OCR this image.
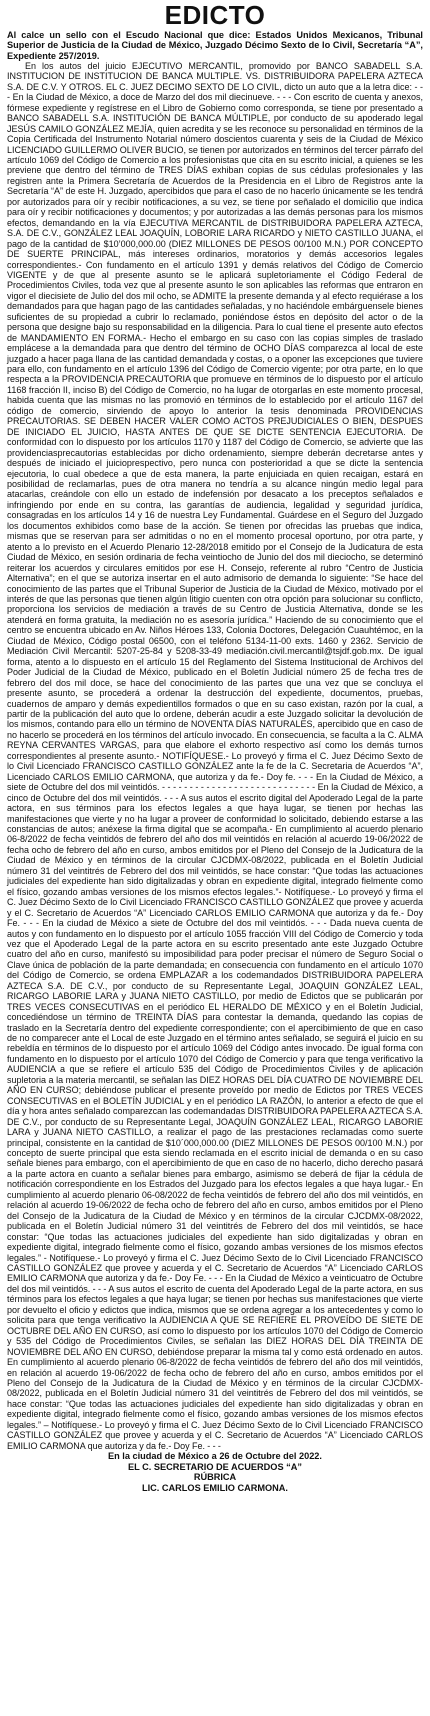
EDICTO

Al calce un sello con el Escudo Nacional que dice: Estados Unidos Mexicanos, Tribunal Superior de Justicia de la Ciudad de México, Juzgado Décimo Sexto de lo Civil, Secretaría “A”, Expediente 257/2019.

En los autos del juicio EJECUTIVO MERCANTIL, promovido por BANCO SABADELL S.A. INSTITUCION DE INSTITUCION DE BANCA MULTIPLE. VS. DISTRIBUIDORA PAPELERA AZTECA S.A. DE C.V. Y OTROS. EL C. JUEZ DECIMO SEXTO DE LO CIVIL, dicto un auto que a la letra dice: - - - En la Ciudad de México, a doce de Marzo del dos mil diecinueve. - - - Con escrito de cuenta y anexos, fórmese expediente y regístrese en el Libro de Gobierno como corresponda, se tiene por presentado a BANCO SABADELL S.A. INSTITUCIÓN DE BANCA MÚLTIPLE, por conducto de su apoderado legal JESÚS CAMILO GONZÁLEZ MEJÍA, quien acredita y se les reconoce su personalidad en términos de la Copia Certificada del Instrumento Notarial número doscientos cuarenta y seis de la Ciudad de México LICENCIADO GUILLERMO OLIVER BUCIO, se tienen por autorizados en términos del tercer párrafo del artículo 1069 del Código de Comercio a los profesionistas que cita en su escrito inicial, a quienes se les previene que dentro del término de TRES DÍAS exhiban copias de sus cédulas profesionales y las registren ante la Primera Secretaría de Acuerdos de la Presidencia en el Libro de Registros ante la Secretaría “A” de este H. Juzgado, apercibidos que para el caso de no hacerlo únicamente se les tendrá por autorizados para oír y recibir notificaciones, a su vez, se tiene por señalado el domicilio que indica para oír y recibir notificaciones y documentos; y por autorizadas a las demás personas para los mismos efectos, demandando en la vía EJECUTIVA MERCANTIL de DISTRIBUIDORA PAPELERA AZTECA, S.A. DE C.V., GONZÁLEZ LEAL JOAQUÍN, LOBORIE LARA RICARDO y NIETO CASTILLO JUANA, el pago de la cantidad de $10’000,000.00 (DIEZ MILLONES DE PESOS 00/100 M.N.) POR CONCEPTO DE SUERTE PRINCIPAL, más intereses ordinarios, moratorios y demás accesorios legales correspondientes.- Con fundamento en el artículo 1391 y demás relativos del Código de Comercio VIGENTE y de que al presente asunto se le aplicará supletoriamente el Código Federal de Procedimientos Civiles, toda vez que al presente asunto le son aplicables las reformas que entraron en vigor el diecisiete de Julio del dos mil ocho, se ADMITE la presente demanda y al efecto requiérase a los demandados para que hagan pago de las cantidades señaladas, y no haciéndole embárguensele bienes suficientes de su propiedad a cubrir lo reclamado, poniéndose éstos en depósito del actor o de la persona que designe bajo su responsabilidad en la diligencia. Para lo cual tiene el presente auto efectos de MANDAMIENTO EN FORMA.- Hecho el embargo en su caso con las copias simples de traslado emplácese a la demandada para que dentro del término de OCHO DÍAS comparezca al local de este juzgado a hacer paga llana de las cantidad demandada y costas, o a oponer las excepciones que tuviere para ello, con fundamento en el artículo 1396 del Código de Comercio vigente; por otra parte, en lo que respecta a la PROVIDENCIA PRECAUTORIA que promueve en términos de lo dispuesto por el artículo 1168 fracción II, inciso B) del Código de Comercio, no ha lugar de otorgarlas en este momento procesal, habida cuenta que las mismas no las promovió en términos de lo establecido por el artículo 1167 del código de comercio, sirviendo de apoyo lo anterior la tesis denominada PROVIDENCIAS PRECAUTORIAS. SE DEBEN HACER VALER COMO ACTOS PREJUDICIALES O BIEN, DESPUES DE INICIADO EL JUICIO, HASTA ANTES DE QUE SE DICTE SENTENCIA EJECUTORIA. De conformidad con lo dispuesto por los artículos 1170 y 1187 del Código de Comercio, se advierte que las providenciasprecautorias establecidas por dicho ordenamiento, siempre deberán decretarse antes y después de iniciado el juicioprespectivo, pero nunca con posterioridad a que se dicte la sentencia ejecutoria, lo cual obedece a que de esta manera, la parte enjuiciada en quien recaigan, estará en posibilidad de reclamarlas, pues de otra manera no tendría a su alcance ningún medio legal para atacarlas, creándole con ello un estado de indefensión por desacato a los preceptos señalados e infringiendo por ende en su contra, las garantías de audiencia, legalidad y seguridad jurídica, consagradas en los artículos 14 y 16 de nuestra Ley Fundamental. Guárdese en el Seguro del Juzgado los documentos exhibidos como base de la acción. Se tienen por ofrecidas las pruebas que indica, mismas que se reservan para ser admitidas o no en el momento procesal oportuno, por otra parte, y atento a lo previsto en el Acuerdo Plenario 12-28/2018 emitido por el Consejo de la Judicatura de esta Ciudad de México, en sesión ordinaria de fecha veintiocho de Junio del dos mil dieciocho, se determinó reiterar los acuerdos y circulares emitidos por ese H. Consejo, referente al rubro “Centro de Justicia Alternativa”; en el que se autoriza insertar en el auto admisorio de demanda lo siguiente: “Se hace del conocimiento de las partes que el Tribunal Superior de Justicia de la Ciudad de México, motivado por el interés de que las personas que tienen algún litigio cuenten con otra opción para solucionar su conflicto, proporciona los servicios de mediación a través de su Centro de Justicia Alternativa, donde se les atenderá en forma gratuita, la mediación no es asesoría jurídica.” Haciendo de su conocimiento que el centro se encuentra ubicado en Av. Niños Héroes 133, Colonia Doctores, Delegación Cuauhtémoc, en la Ciudad de México, Código postal 06500, con el teléfono 5134-11-00 exts. 1460 y 2362. Servicio de Mediación Civil Mercantil: 5207-25-84 y 5208-33-49 mediación.civil.mercantil@tsjdf.gob.mx. De igual forma, atento a lo dispuesto en el artículo 15 del Reglamento del Sistema Institucional de Archivos del Poder Judicial de la Ciudad de México, publicado en el Boletín Judicial número 25 de fecha tres de febrero del dos mil doce, se hace del conocimiento de las partes que una vez que se concluya el presente asunto, se procederá a ordenar la destrucción del expediente, documentos, pruebas, cuadernos de amparo y demás expedientillos formados o que en su caso existan, razón por la cual, a partir de la publicación del auto que lo ordene, deberán acudir a este Juzgado solicitar la devolución de los mismos, contando para ello un término de NOVENTA DÍAS NATURALES, apercibido que en caso de no hacerlo se procederá en los términos del artículo invocado. En consecuencia, se faculta a la C. ALMA REYNA CERVANTES VARGAS, para que elabore el exhorto respectivo así como los demás turnos correspondientes al presente asunto.- NOTIFÍQUESE.- Lo proveyó y firma el C. Juez Décimo Sexto de lo Civil Licenciado FRANCISCO CASTILLO GONZÁLEZ ante la fe de la C. Secretaria de Acuerdos “A”, Licenciado CARLOS EMILIO CARMONA, que autoriza y da fe.- Doy fe. - - - En la Ciudad de México, a siete de Octubre del dos mil veintidós. - - - - - - - - - - - - - - - - - - - - - - - - - - - - En la Ciudad de México, a cinco de Octubre del dos mil veintidós. - - - A sus autos el escrito digital del Apoderado Legal de la parte actora, en sus términos para los efectos legales a que haya lugar, se tienen por hechas las manifestaciones que vierte y no ha lugar a proveer de conformidad lo solicitado, debiendo estarse a las constancias de autos; anéxese la firma digital que se acompaña.- En cumplimiento al acuerdo plenario 06-8/2022 de fecha veintidós de febrero del año dos mil veintidós en relación al acuerdo 19-06/2022 de fecha ocho de febrero del año en curso, ambos emitidos por el Pleno del Consejo de la Judicatura de la Ciudad de México y en términos de la circular CJCDMX-08/2022, publicada en el Boletín Judicial número 31 del veintitrés de Febrero del dos mil veintidós, se hace constar: “Que todas las actuaciones judiciales del expediente han sido digitalizadas y obran en expediente digital, integrado fielmente como el físico, gozando ambas versiones de los mismos efectos legales.”- Notifíquese.- Lo proveyó y firma el C. Juez Décimo Sexto de lo Civil Licenciado FRANCISCO CASTILLO GONZÁLEZ que provee y acuerda y el C. Secretario de Acuerdos “A” Licenciado CARLOS EMILIO CARMONA que autoriza y da fe.- Doy Fe. - - - En la ciudad de México a siete de Octubre del dos mil veintidós. - - - Dada nueva cuenta de autos y con fundamento en lo dispuesto por el artículo 1055 fracción VIII del Código de Comercio y toda vez que el Apoderado Legal de la parte actora en su escrito presentado ante este Juzgado Octubre cuatro del año en curso, manifestó su imposibilidad para poder precisar el número de Seguro Social o Clave única de población de la parte demandada; en consecuencia con fundamento en el artículo 1070 del Código de Comercio, se ordena EMPLAZAR a los codemandados DISTRIBUIDORA PAPELERA AZTECA S.A. DE C.V., por conducto de su Representante Legal, JOAQUIN GONZÁLEZ LEAL, RICARGO LABORIE LARA y JUANA NIETO CASTILLO, por medio de Edictos que se publicarán por TRES VECES CONSECUTIVAS en el periódico EL HERALDO DE MÉXICO y en el Boletín Judicial, concediéndose un término de TREINTA DÍAS para contestar la demanda, quedando las copias de traslado en la Secretaría dentro del expediente correspondiente; con el apercibimiento de que en caso de no comparecer ante el Local de este Juzgado en el término antes señalado, se seguirá el juicio en su rebeldía en términos de lo dispuesto por el artículo 1069 del Código antes invocado. De igual forma con fundamento en lo dispuesto por el artículo 1070 del Código de Comercio y para que tenga verificativo la AUDIENCIA a que se refiere el artículo 535 del Código de Procedimientos Civiles y de aplicación supletoria a la materia mercantil, se señalan las DIEZ HORAS DEL DÍA CUATRO DE NOVIEMBRE DEL AÑO EN CURSO; debiéndose publicar el presente proveído por medio de Edictos por TRES VECES CONSECUTIVAS en el BOLETÍN JUDICIAL y en el periódico LA RAZÓN, lo anterior a efecto de que el día y hora antes señalado comparezcan las codemandadas DISTRIBUIDORA PAPELERA AZTECA S.A. DE C.V., por conducto de su Representante Legal, JOAQUÍN GONZÁLEZ LEAL, RICARGO LABORIE LARA y JUANA NIETO CASTILLO, a realizar el pago de las prestaciones reclamadas como suerte principal, consistente en la cantidad de $10´000,000.00 (DIEZ MILLONES DE PESOS 00/100 M.N.) por concepto de suerte principal que esta siendo reclamada en el escrito inicial de demanda o en su caso señale bienes para embargo, con el apercibimiento de que en caso de no hacerlo, dicho derecho pasará a la parte actora en cuanto a señalar bienes para embargo, asimismo se deberá de fijar la cédula de notificación correspondiente en los Estrados del Juzgado para los efectos legales a que haya lugar.- En cumplimiento al acuerdo plenario 06-08/2022 de fecha veintidós de febrero del año dos mil veintidós, en relación al acuerdo 19-06/2022 de fecha ocho de febrero del año en curso, ambos emitidos por el Pleno del Consejo de la Judicatura de la Ciudad de México y en términos de la circular CJCDMX-08/2022, publicada en el Boletín Judicial número 31 del veintitrés de Febrero del dos mil veintidós, se hace constar: “Que todas las actuaciones judiciales del expediente han sido digitalizadas y obran en expediente digital, integrado fielmente como el físico, gozando ambas versiones de los mismos efectos legales.” - Notifíquese.- Lo proveyó y firma el C. Juez Décimo Sexto de lo Civil Licenciado FRANCISCO CASTILLO GONZÁLEZ que provee y acuerda y el C. Secretario de Acuerdos “A” Licenciado CARLOS EMILIO CARMONA que autoriza y da fe.- Doy Fe. - - - En la Ciudad de México a veinticuatro de Octubre del dos mil veintidós. - - - A sus autos el escrito de cuenta del Apoderado Legal de la parte actora, en sus términos para los efectos legales a que haya lugar; se tienen por hechas sus manifestaciones que vierte por devuelto el oficio y edictos que indica, mismos que se ordena agregar a los antecedentes y como lo solicita para que tenga verificativo la AUDIENCIA A QUE SE REFIERE EL PROVEÍDO DE SIETE DE OCTUBRE DEL AÑO EN CURSO, así como lo dispuesto por los artículos 1070 del Código de Comercio y 535 del Código de Procedimientos Civiles, se señalan las DIEZ HORAS DEL DÍA TREINTA DE NOVIEMBRE DEL AÑO EN CURSO, debiéndose preparar la misma tal y como está ordenado en autos. En cumplimiento al acuerdo plenario 06-8/2022 de fecha veintidós de febrero del año dos mil veintidós, en relación al acuerdo 19-06/2022 de fecha ocho de febrero del año en curso, ambos emitidos por el Pleno del Consejo de la Judicatura de la Ciudad de México y en términos de la circular CJCDMX-08/2022, publicada en el Boletín Judicial número 31 del veintitrés de Febrero del dos mil veintidós, se hace constar: “Que todas las actuaciones judiciales del expediente han sido digitalizadas y obran en expediente digital, integrado fielmente como el físico, gozando ambas versiones de los mismos efectos legales.” – Notifíquese.- Lo proveyó y firma el C. Juez Décimo Sexto de lo Civil Licenciado FRANCISCO CASTILLO GONZÁLEZ que provee y acuerda y el C. Secretario de Acuerdos “A” Licenciado CARLOS EMILIO CARMONA que autoriza y da fe.- Doy Fe. - - -

En la ciudad de México a 26 de Octubre del 2022.

EL C. SECRETARIO DE ACUERDOS “A”

RÚBRICA

LIC. CARLOS EMILIO CARMONA.
